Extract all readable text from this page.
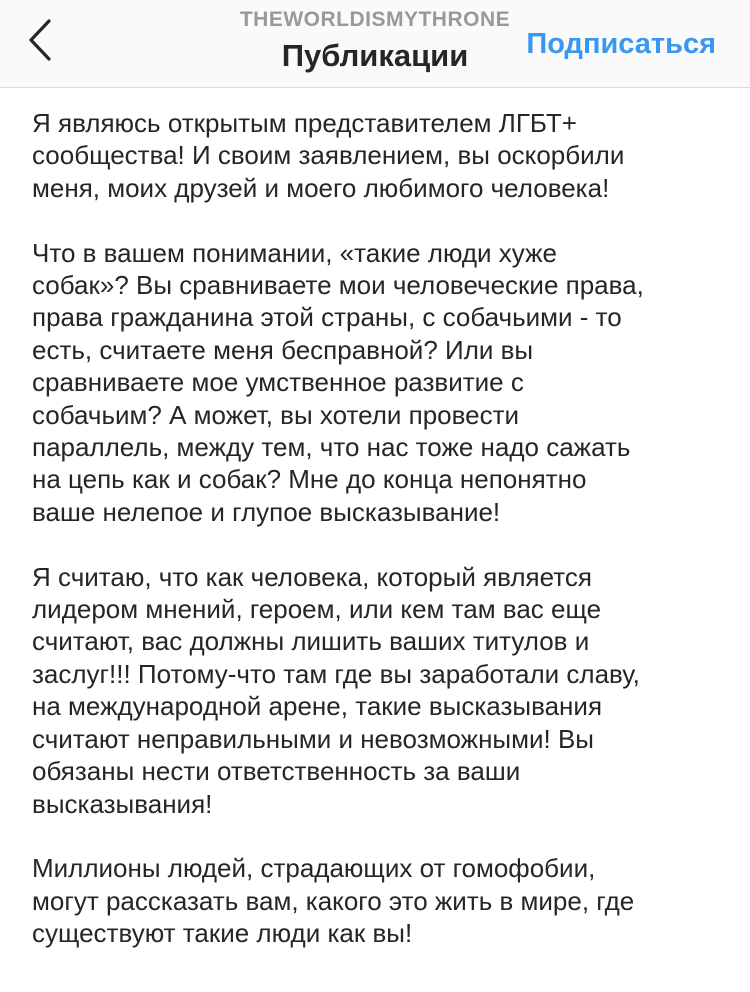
THEWORLDISMYTHRONE
Публикации	Подписаться

Я являюсь открытым представителем ЛГБТ+
сообщества! И своим заявлением, вы оскорбили
меня, моих друзей и моего любимого человека!

Что в вашем понимании, «такие люди хуже
собак»? Вы сравниваете мои человеческие права,
права гражданина этой страны, с собачьими - то
есть, считаете меня бесправной? Или вы
сравниваете мое умственное развитие с
собачьим? А может, вы хотели провести
параллель, между тем, что нас тоже надо сажать
на цепь как и собак? Мне до конца непонятно
ваше нелепое и глупое высказывание!

Я считаю, что как человека, который является
лидером мнений, героем, или кем там вас еще
считают, вас должны лишить ваших титулов и
заслуг!!! Потому-что там где вы заработали славу,
на международной арене, такие высказывания
считают неправильными и невозможными! Вы
обязаны нести ответственность за ваши
высказывания!

Миллионы людей, страдающих от гомофобии,
могут рассказать вам, какого это жить в мире, где
существуют такие люди как вы!
